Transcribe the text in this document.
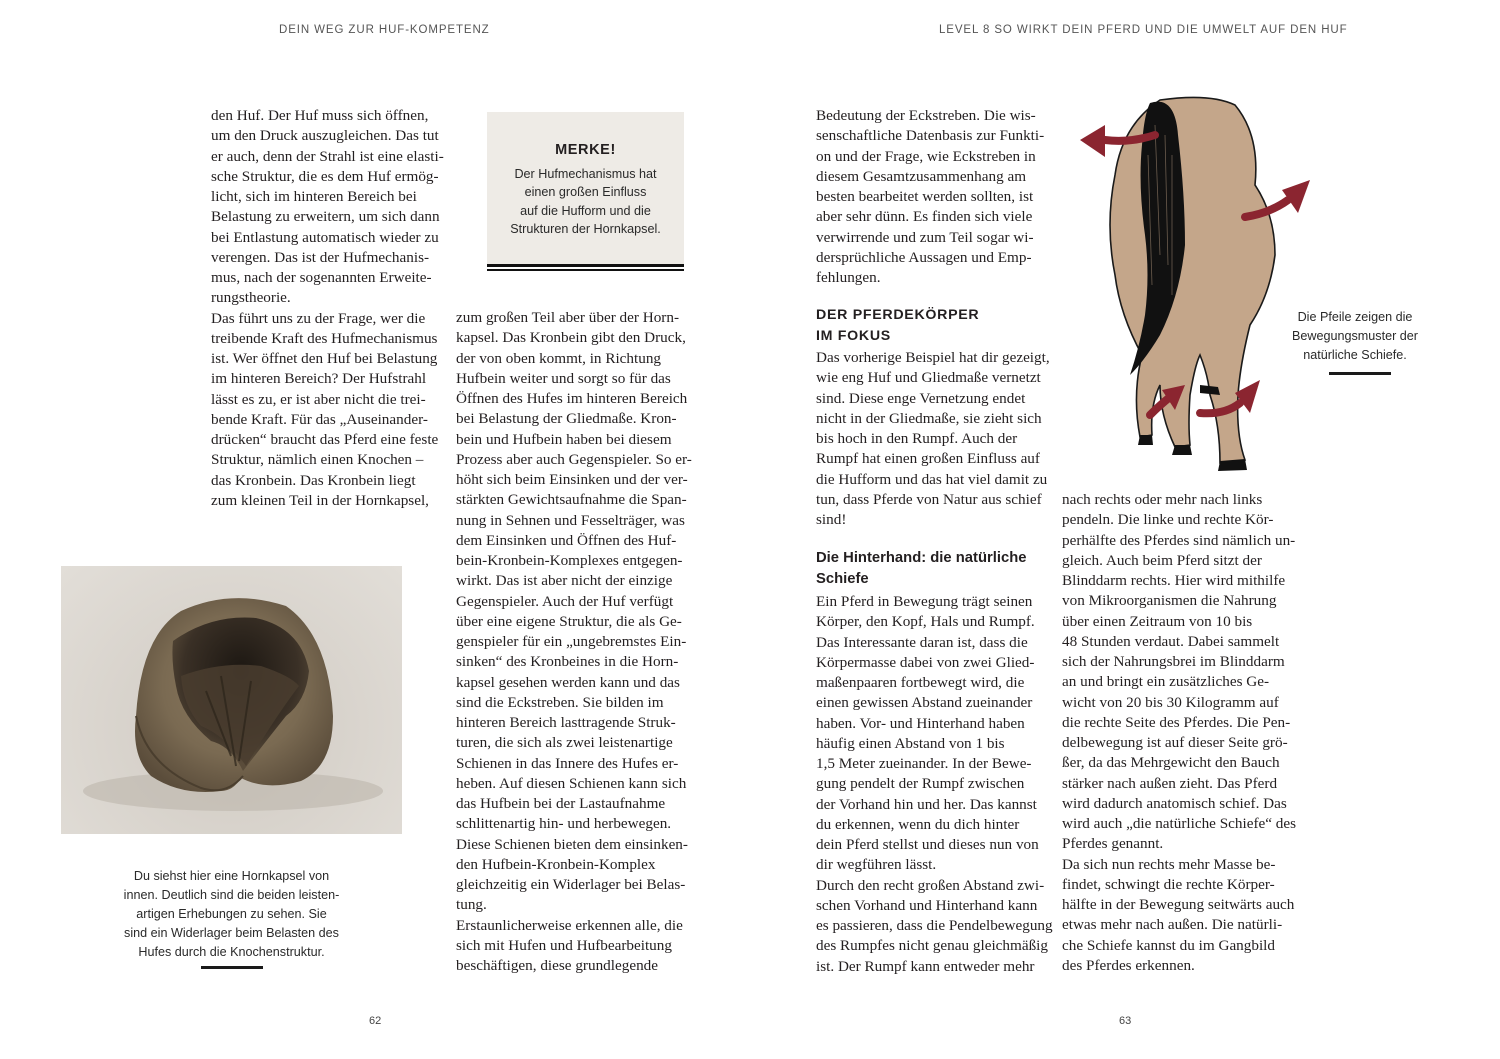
DEIN WEG ZUR HUF-KOMPETENZ	LEVEL 8 SO WIRKT DEIN PFERD UND DIE UMWELT AUF DEN HUF
den Huf. Der Huf muss sich öffnen,
um den Druck auszugleichen. Das tut
er auch, denn der Strahl ist eine elasti-
sche Struktur, die es dem Huf ermög-
licht, sich im hinteren Bereich bei
Belastung zu erweitern, um sich dann
bei Entlastung automatisch wieder zu
verengen. Das ist der Hufmechanis-
mus, nach der sogenannten Erweite-
rungstheorie.
Das führt uns zu der Frage, wer die
treibende Kraft des Hufmechanismus
ist. Wer öffnet den Huf bei Belastung
im hinteren Bereich? Der Hufstrahl
lässt es zu, er ist aber nicht die trei-
bende Kraft. Für das „Auseinander-
drücken“ braucht das Pferd eine feste
Struktur, nämlich einen Knochen –
das Kronbein. Das Kronbein liegt
zum kleinen Teil in der Hornkapsel,
MERKE!
Der Hufmechanismus hat
einen großen Einfluss
auf die Hufform und die
Strukturen der Hornkapsel.
zum großen Teil aber über der Horn-
kapsel. Das Kronbein gibt den Druck,
der von oben kommt, in Richtung
Hufbein weiter und sorgt so für das
Öffnen des Hufes im hinteren Bereich
bei Belastung der Gliedmaße. Kron-
bein und Hufbein haben bei diesem
Prozess aber auch Gegenspieler. So er-
höht sich beim Einsinken und der ver-
stärkten Gewichtsaufnahme die Span-
nung in Sehnen und Fesselträger, was
dem Einsinken und Öffnen des Huf-
bein-Kronbein-Komplexes entgegen-
wirkt. Das ist aber nicht der einzige
Gegenspieler. Auch der Huf verfügt
über eine eigene Struktur, die als Ge-
genspieler für ein „ungebremstes Ein-
sinken“ des Kronbeines in die Horn-
kapsel gesehen werden kann und das
sind die Eckstreben. Sie bilden im
hinteren Bereich lasttragende Struk-
turen, die sich als zwei leistenartige
Schienen in das Innere des Hufes er-
heben. Auf diesen Schienen kann sich
das Hufbein bei der Lastaufnahme
schlittenartig hin- und herbewegen.
Diese Schienen bieten dem einsinken-
den Hufbein-Kronbein-Komplex
gleichzeitig ein Widerlager bei Belas-
tung.
Erstaunlicherweise erkennen alle, die
sich mit Hufen und Hufbearbeitung
beschäftigen, diese grundlegende
Du siehst hier eine Hornkapsel von
innen. Deutlich sind die beiden leisten-
artigen Erhebungen zu sehen. Sie
sind ein Widerlager beim Belasten des
Hufes durch die Knochenstruktur.
62
Bedeutung der Eckstreben. Die wis-
senschaftliche Datenbasis zur Funkti-
on und der Frage, wie Eckstreben in
diesem Gesamtzusammenhang am
besten bearbeitet werden sollten, ist
aber sehr dünn. Es finden sich viele
verwirrende und zum Teil sogar wi-
dersprüchliche Aussagen und Emp-
fehlungen.
DER PFERDEKÖRPER
IM FOKUS
Das vorherige Beispiel hat dir gezeigt,
wie eng Huf und Gliedmaße vernetzt
sind. Diese enge Vernetzung endet
nicht in der Gliedmaße, sie zieht sich
bis hoch in den Rumpf. Auch der
Rumpf hat einen großen Einfluss auf
die Hufform und das hat viel damit zu
tun, dass Pferde von Natur aus schief
sind!
Die Hinterhand: die natürliche
Schiefe
Ein Pferd in Bewegung trägt seinen
Körper, den Kopf, Hals und Rumpf.
Das Interessante daran ist, dass die
Körpermasse dabei von zwei Glied-
maßenpaaren fortbewegt wird, die
einen gewissen Abstand zueinander
haben. Vor- und Hinterhand haben
häufig einen Abstand von 1 bis
1,5 Meter zueinander. In der Bewe-
gung pendelt der Rumpf zwischen
der Vorhand hin und her. Das kannst
du erkennen, wenn du dich hinter
dein Pferd stellst und dieses nun von
dir wegführen lässt.
Durch den recht großen Abstand zwi-
schen Vorhand und Hinterhand kann
es passieren, dass die Pendelbewegung
des Rumpfes nicht genau gleichmäßig
ist. Der Rumpf kann entweder mehr
Die Pfeile zeigen die
Bewegungsmuster der
natürliche Schiefe.
nach rechts oder mehr nach links
pendeln. Die linke und rechte Kör-
perhälfte des Pferdes sind nämlich un-
gleich. Auch beim Pferd sitzt der
Blinddarm rechts. Hier wird mithilfe
von Mikroorganismen die Nahrung
über einen Zeitraum von 10 bis
48 Stunden verdaut. Dabei sammelt
sich der Nahrungsbrei im Blinddarm
an und bringt ein zusätzliches Ge-
wicht von 20 bis 30 Kilogramm auf
die rechte Seite des Pferdes. Die Pen-
delbewegung ist auf dieser Seite grö-
ßer, da das Mehrgewicht den Bauch
stärker nach außen zieht. Das Pferd
wird dadurch anatomisch schief. Das
wird auch „die natürliche Schiefe“ des
Pferdes genannt.
Da sich nun rechts mehr Masse be-
findet, schwingt die rechte Körper-
hälfte in der Bewegung seitwärts auch
etwas mehr nach außen. Die natürli-
che Schiefe kannst du im Gangbild
des Pferdes erkennen.
63
